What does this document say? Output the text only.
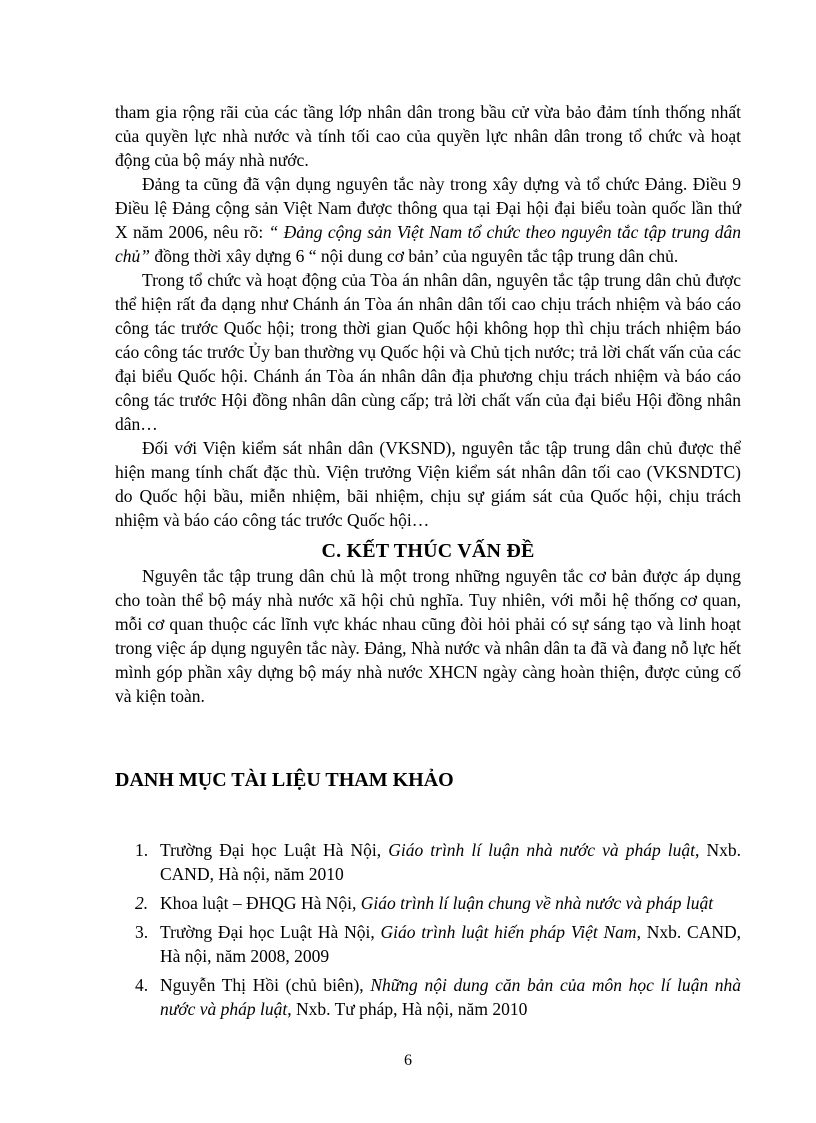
tham gia rộng rãi của các tầng lớp nhân dân trong bầu cử vừa bảo đảm tính thống nhất của quyền lực nhà nước và tính tối cao của quyền lực nhân dân trong tổ chức và hoạt động của bộ máy nhà nước.

Đảng ta cũng đã vận dụng nguyên tắc này trong xây dựng và tổ chức Đảng. Điều 9 Điều lệ Đảng cộng sản Việt Nam được thông qua tại Đại hội đại biểu toàn quốc lần thứ X năm 2006, nêu rõ: “ Đảng cộng sản Việt Nam tổ chức theo nguyên tắc tập trung dân chủ” đồng thời xây dựng 6 “ nội dung cơ bản’ của nguyên tắc tập trung dân chủ.

Trong tổ chức và hoạt động của Tòa án nhân dân, nguyên tắc tập trung dân chủ được thể hiện rất đa dạng như Chánh án Tòa án nhân dân tối cao chịu trách nhiệm và báo cáo công tác trước Quốc hội; trong thời gian Quốc hội không họp thì chịu trách nhiệm báo cáo công tác trước Ủy ban thường vụ Quốc hội và Chủ tịch nước; trả lời chất vấn của các đại biểu Quốc hội. Chánh án Tòa án nhân dân địa phương chịu trách nhiệm và báo cáo công tác trước Hội đồng nhân dân cùng cấp; trả lời chất vấn của đại biểu Hội đồng nhân dân…

Đối với Viện kiểm sát nhân dân (VKSND), nguyên tắc tập trung dân chủ được thể hiện mang tính chất đặc thù. Viện trưởng Viện kiểm sát nhân dân tối cao (VKSNDTC) do Quốc hội bầu, miễn nhiệm, bãi nhiệm, chịu sự giám sát của Quốc hội, chịu trách nhiệm và báo cáo công tác trước Quốc hội…

C. KẾT THÚC VẤN ĐỀ

Nguyên tắc tập trung dân chủ là một trong những nguyên tắc cơ bản được áp dụng cho toàn thể bộ máy nhà nước xã hội chủ nghĩa. Tuy nhiên, với mỗi hệ thống cơ quan, mỗi cơ quan thuộc các lĩnh vực khác nhau cũng đòi hỏi phải có sự sáng tạo và linh hoạt trong việc áp dụng nguyên tắc này. Đảng, Nhà nước và nhân dân ta đã và đang nỗ lực hết mình góp phần xây dựng bộ máy nhà nước XHCN ngày càng hoàn thiện, được củng cố và kiện toàn.

DANH MỤC TÀI LIỆU THAM KHẢO
1. Trường Đại học Luật Hà Nội, Giáo trình lí luận nhà nước và pháp luật, Nxb. CAND, Hà nội, năm 2010
2. Khoa luật – ĐHQG Hà Nội, Giáo trình lí luận chung về nhà nước và pháp luật
3. Trường Đại học Luật Hà Nội, Giáo trình luật hiến pháp Việt Nam, Nxb. CAND, Hà nội, năm 2008, 2009
4. Nguyễn Thị Hồi (chủ biên), Những nội dung căn bản của môn học lí luận nhà nước và pháp luật, Nxb. Tư pháp, Hà nội, năm 2010
6
